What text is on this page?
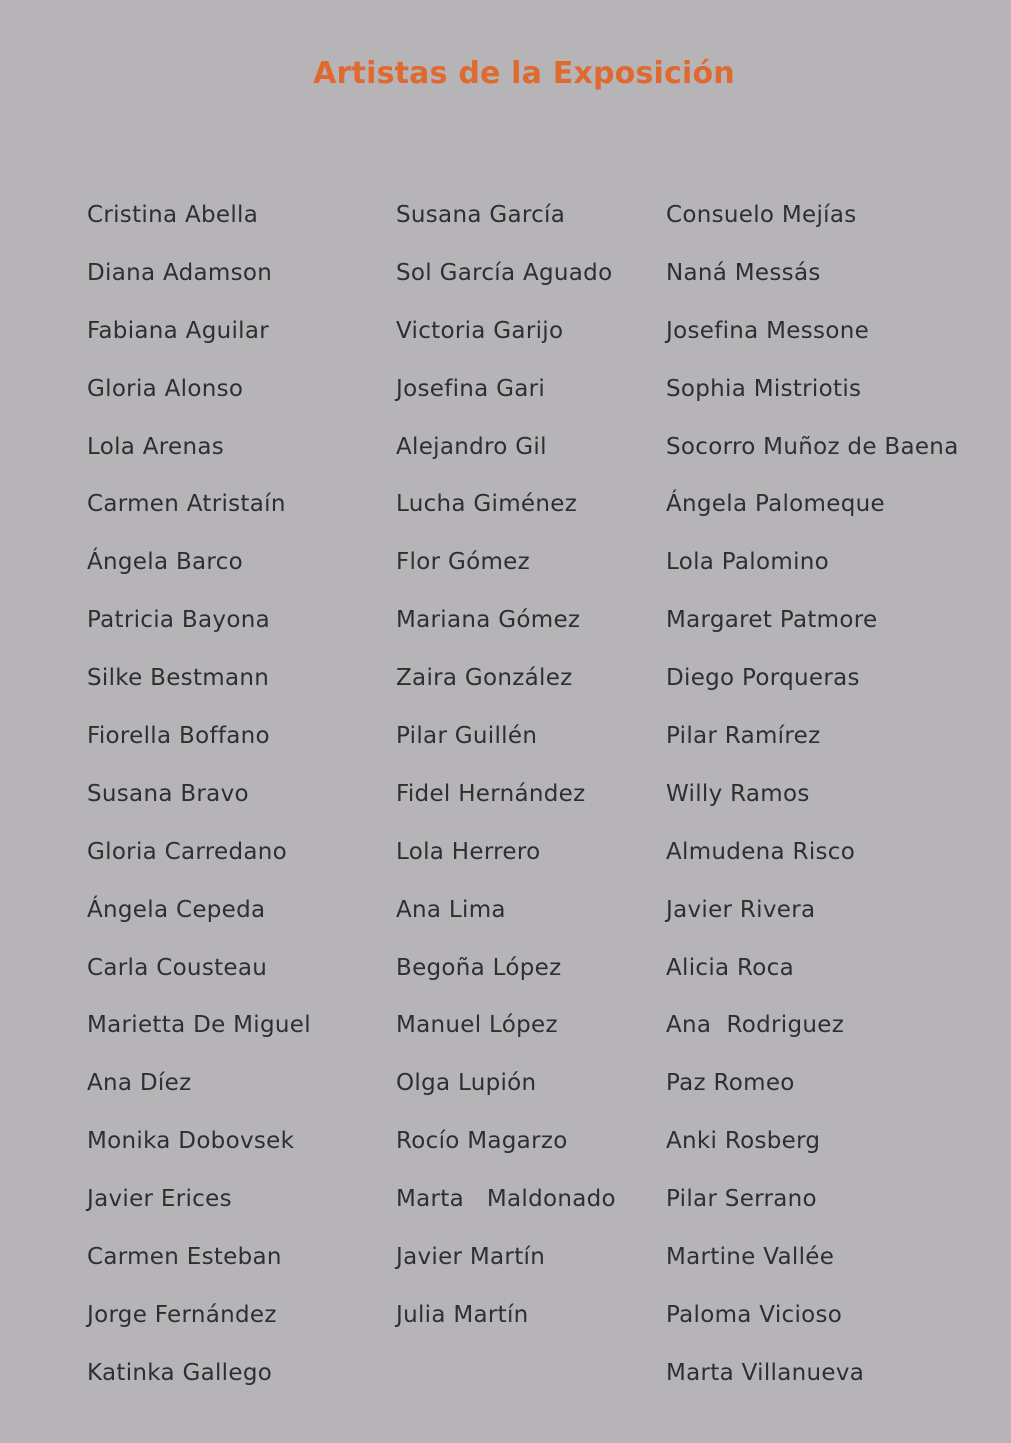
Artistas de la Exposición
Cristina Abella
Diana Adamson
Fabiana Aguilar
Gloria Alonso
Lola Arenas
Carmen Atristaín
Ángela Barco
Patricia Bayona
Silke Bestmann
Fiorella Boffano
Susana Bravo
Gloria Carredano
Ángela Cepeda
Carla Cousteau
Marietta De Miguel
Ana Díez
Monika Dobovsek
Javier Erices
Carmen Esteban
Jorge Fernández
Katinka Gallego
Susana García
Sol García Aguado
Victoria Garijo
Josefina Gari
Alejandro Gil
Lucha Giménez
Flor Gómez
Mariana Gómez
Zaira González
Pilar Guillén
Fidel Hernández
Lola Herrero
Ana Lima
Begoña López
Manuel López
Olga Lupión
Rocío Magarzo
Marta   Maldonado
Javier Martín
Julia Martín
Consuelo Mejías
Naná Messás
Josefina Messone
Sophia Mistriotis
Socorro Muñoz de Baena
Ángela Palomeque
Lola Palomino
Margaret Patmore
Diego Porqueras
Pilar Ramírez
Willy Ramos
Almudena Risco
Javier Rivera
Alicia Roca
Ana  Rodriguez
Paz Romeo
Anki Rosberg
Pilar Serrano
Martine Vallée
Paloma Vicioso
Marta Villanueva
